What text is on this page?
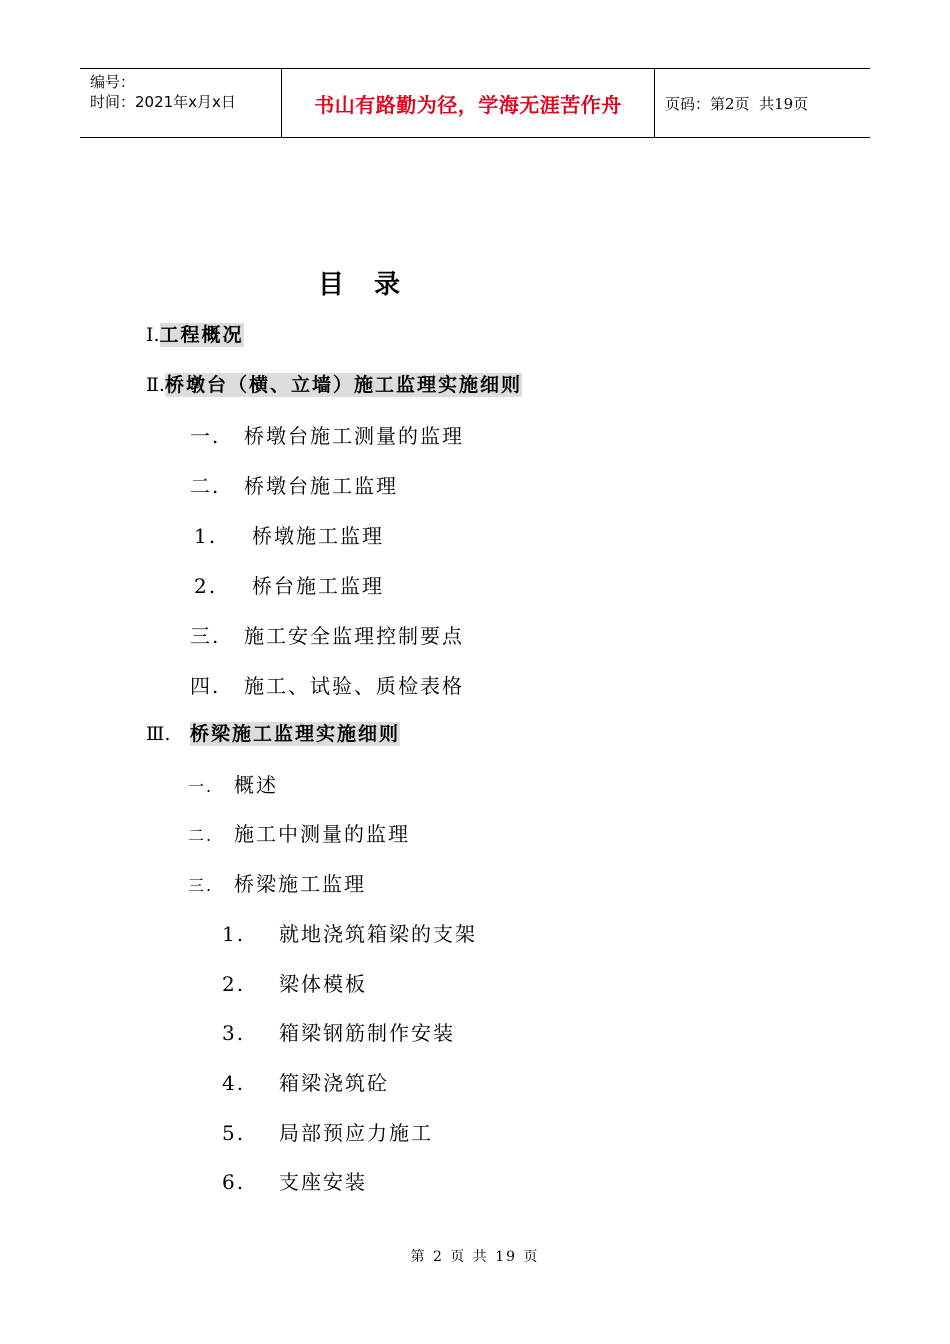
编号：
时间：2021年x月x日	书山有路勤为径，学海无涯苦作舟	页码：第2页  共19页
目录
Ⅰ.工程概况
Ⅱ.桥墩台（横、立墙）施工监理实施细则
一. 桥墩台施工测量的监理
二. 桥墩台施工监理
1. 桥墩施工监理
2. 桥台施工监理
三. 施工安全监理控制要点
四. 施工、试验、质检表格
Ⅲ. 桥梁施工监理实施细则
一. 概述
二. 施工中测量的监理
三. 桥梁施工监理
1. 就地浇筑箱梁的支架
2. 梁体模板
3. 箱梁钢筋制作安装
4. 箱梁浇筑砼
5. 局部预应力施工
6. 支座安装
第 2 页 共 19 页
